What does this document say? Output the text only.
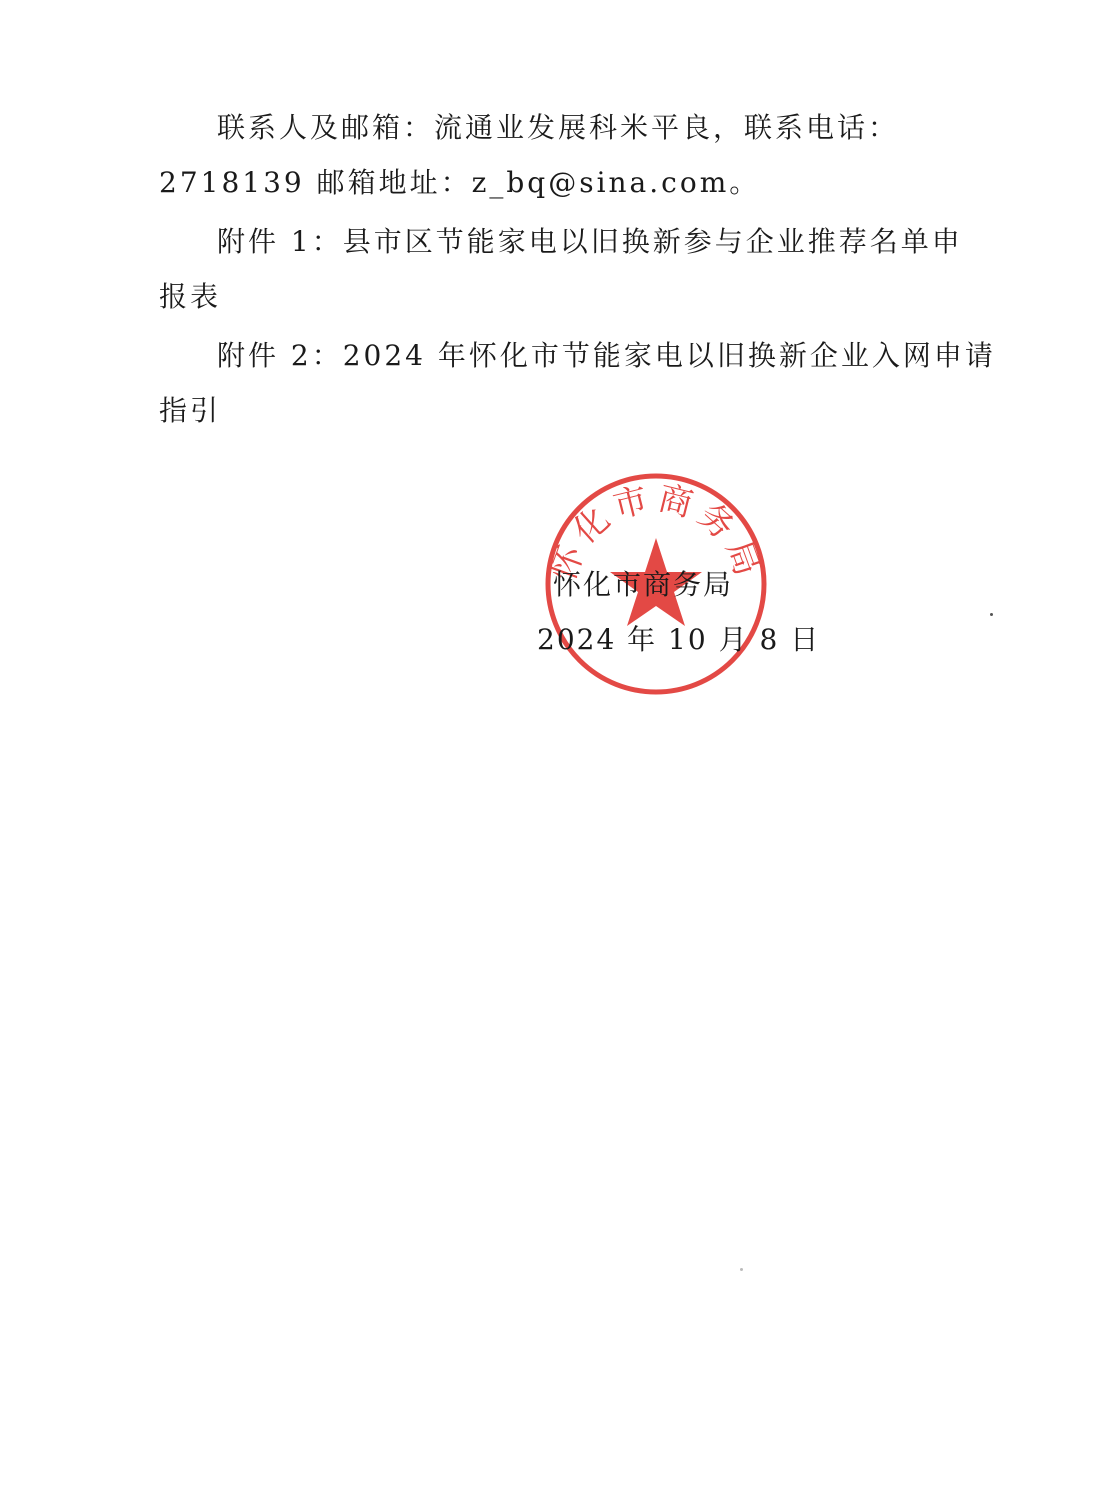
联系人及邮箱：流通业发展科米平良，联系电话：
2718139 邮箱地址：z_bq@sina.com。
附件 1：县市区节能家电以旧换新参与企业推荐名单申
报表
附件 2：2024 年怀化市节能家电以旧换新企业入网申请
指引
怀化市商务局
怀化市商务局
2024 年 10 月 8 日
